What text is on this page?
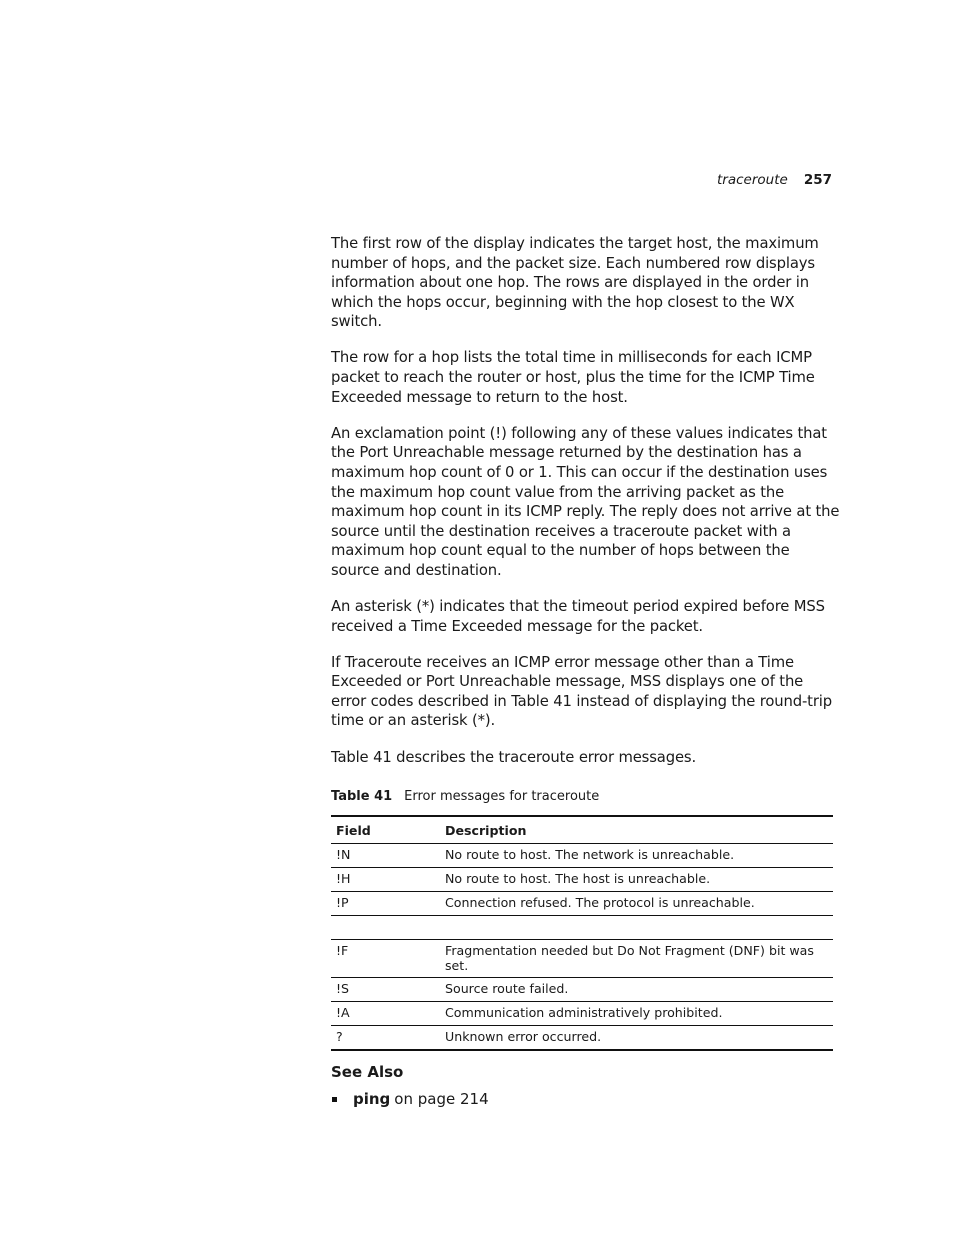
traceroute 257

The first row of the display indicates the target host, the maximum number of hops, and the packet size. Each numbered row displays information about one hop. The rows are displayed in the order in which the hops occur, beginning with the hop closest to the WX switch.

The row for a hop lists the total time in milliseconds for each ICMP packet to reach the router or host, plus the time for the ICMP Time Exceeded message to return to the host.

An exclamation point (!) following any of these values indicates that the Port Unreachable message returned by the destination has a maximum hop count of 0 or 1. This can occur if the destination uses the maximum hop count value from the arriving packet as the maximum hop count in its ICMP reply. The reply does not arrive at the source until the destination receives a traceroute packet with a maximum hop count equal to the number of hops between the source and destination.

An asterisk (*) indicates that the timeout period expired before MSS received a Time Exceeded message for the packet.

If Traceroute receives an ICMP error message other than a Time Exceeded or Port Unreachable message, MSS displays one of the error codes described in Table 41 instead of displaying the round-trip time or an asterisk (*).

Table 41 describes the traceroute error messages.

Table 41 Error messages for traceroute
Field	Description
!N	No route to host. The network is unreachable.
!H	No route to host. The host is unreachable.
!P	Connection refused. The protocol is unreachable.

!F	Fragmentation needed but Do Not Fragment (DNF) bit was set.
!S	Source route failed.
!A	Communication administratively prohibited.
?	Unknown error occurred.
See Also
ping on page 214
